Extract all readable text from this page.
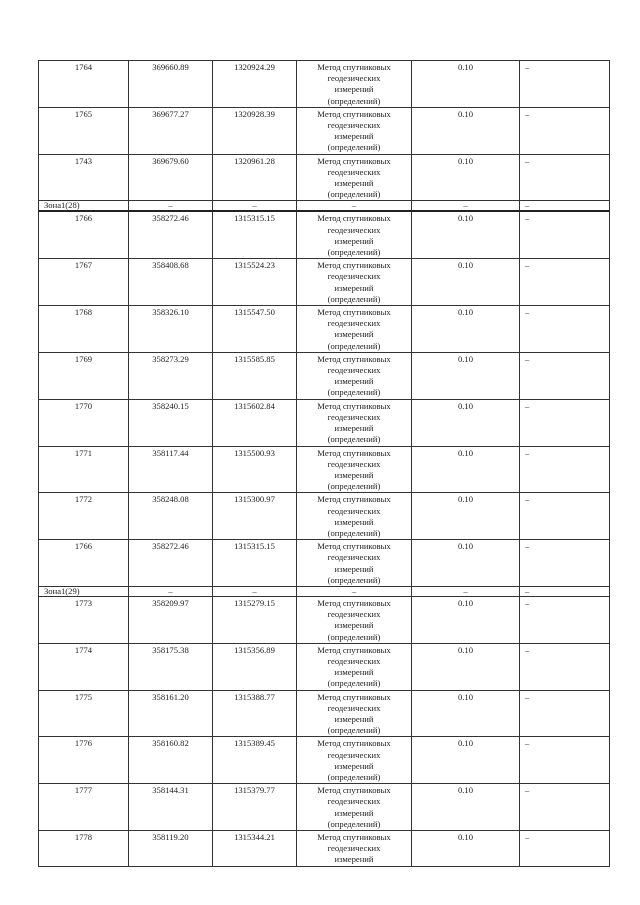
1764	369660.89	1320924.29	Метод спутниковых
геодезических
измерений
(определений)	0.10	–
1765	369677.27	1320928.39	Метод спутниковых
геодезических
измерений
(определений)	0.10	–
1743	369679.60	1320961.28	Метод спутниковых
геодезических
измерений
(определений)	0.10	–
Зона1(28)	–	–	–	–	–
1766	358272.46	1315315.15	Метод спутниковых
геодезических
измерений
(определений)	0.10	–
1767	358408.68	1315524.23	Метод спутниковых
геодезических
измерений
(определений)	0.10	–
1768	358326.10	1315547.50	Метод спутниковых
геодезических
измерений
(определений)	0.10	–
1769	358273.29	1315585.85	Метод спутниковых
геодезических
измерений
(определений)	0.10	–
1770	358240.15	1315602.84	Метод спутниковых
геодезических
измерений
(определений)	0.10	–
1771	358117.44	1315500.93	Метод спутниковых
геодезических
измерений
(определений)	0.10	–
1772	358248.08	1315300.97	Метод спутниковых
геодезических
измерений
(определений)	0.10	–
1766	358272.46	1315315.15	Метод спутниковых
геодезических
измерений
(определений)	0.10	–
Зона1(29)	–	–	–	–	–
1773	358209.97	1315279.15	Метод спутниковых
геодезических
измерений
(определений)	0.10	–
1774	358175.38	1315356.89	Метод спутниковых
геодезических
измерений
(определений)	0.10	–
1775	358161.20	1315388.77	Метод спутниковых
геодезических
измерений
(определений)	0.10	–
1776	358160.82	1315389.45	Метод спутниковых
геодезических
измерений
(определений)	0.10	–
1777	358144.31	1315379.77	Метод спутниковых
геодезических
измерений
(определений)	0.10	–
1778	358119.20	1315344.21	Метод спутниковых
геодезических
измерений	0.10	–
